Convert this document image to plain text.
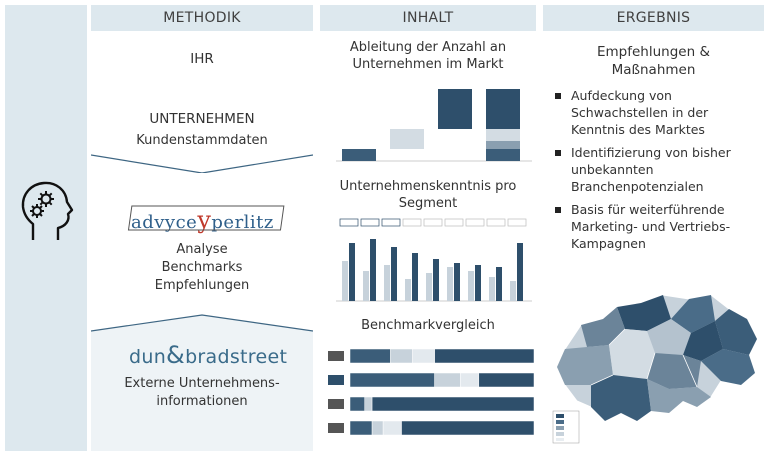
METHODIK
IHR UNTERNEHMEN
Kundenstammdaten
advyceyperlitz
Analyse
Benchmarks
Empfehlungen
dun&bradstreet
Externe Unternehmens-
informationen
INHALT
Ableitung der Anzahl an
Unternehmen im Markt
Unternehmenskenntnis pro
Segment
Benchmarkvergleich
ERGEBNIS
Empfehlungen &
Maßnahmen
Aufdeckung von Schwachstellen in der Kenntnis des Marktes
Identifizierung von bisher unbekannten Branchenpotenzialen
Basis für weiterführende Marketing- und Vertriebs-Kampagnen
